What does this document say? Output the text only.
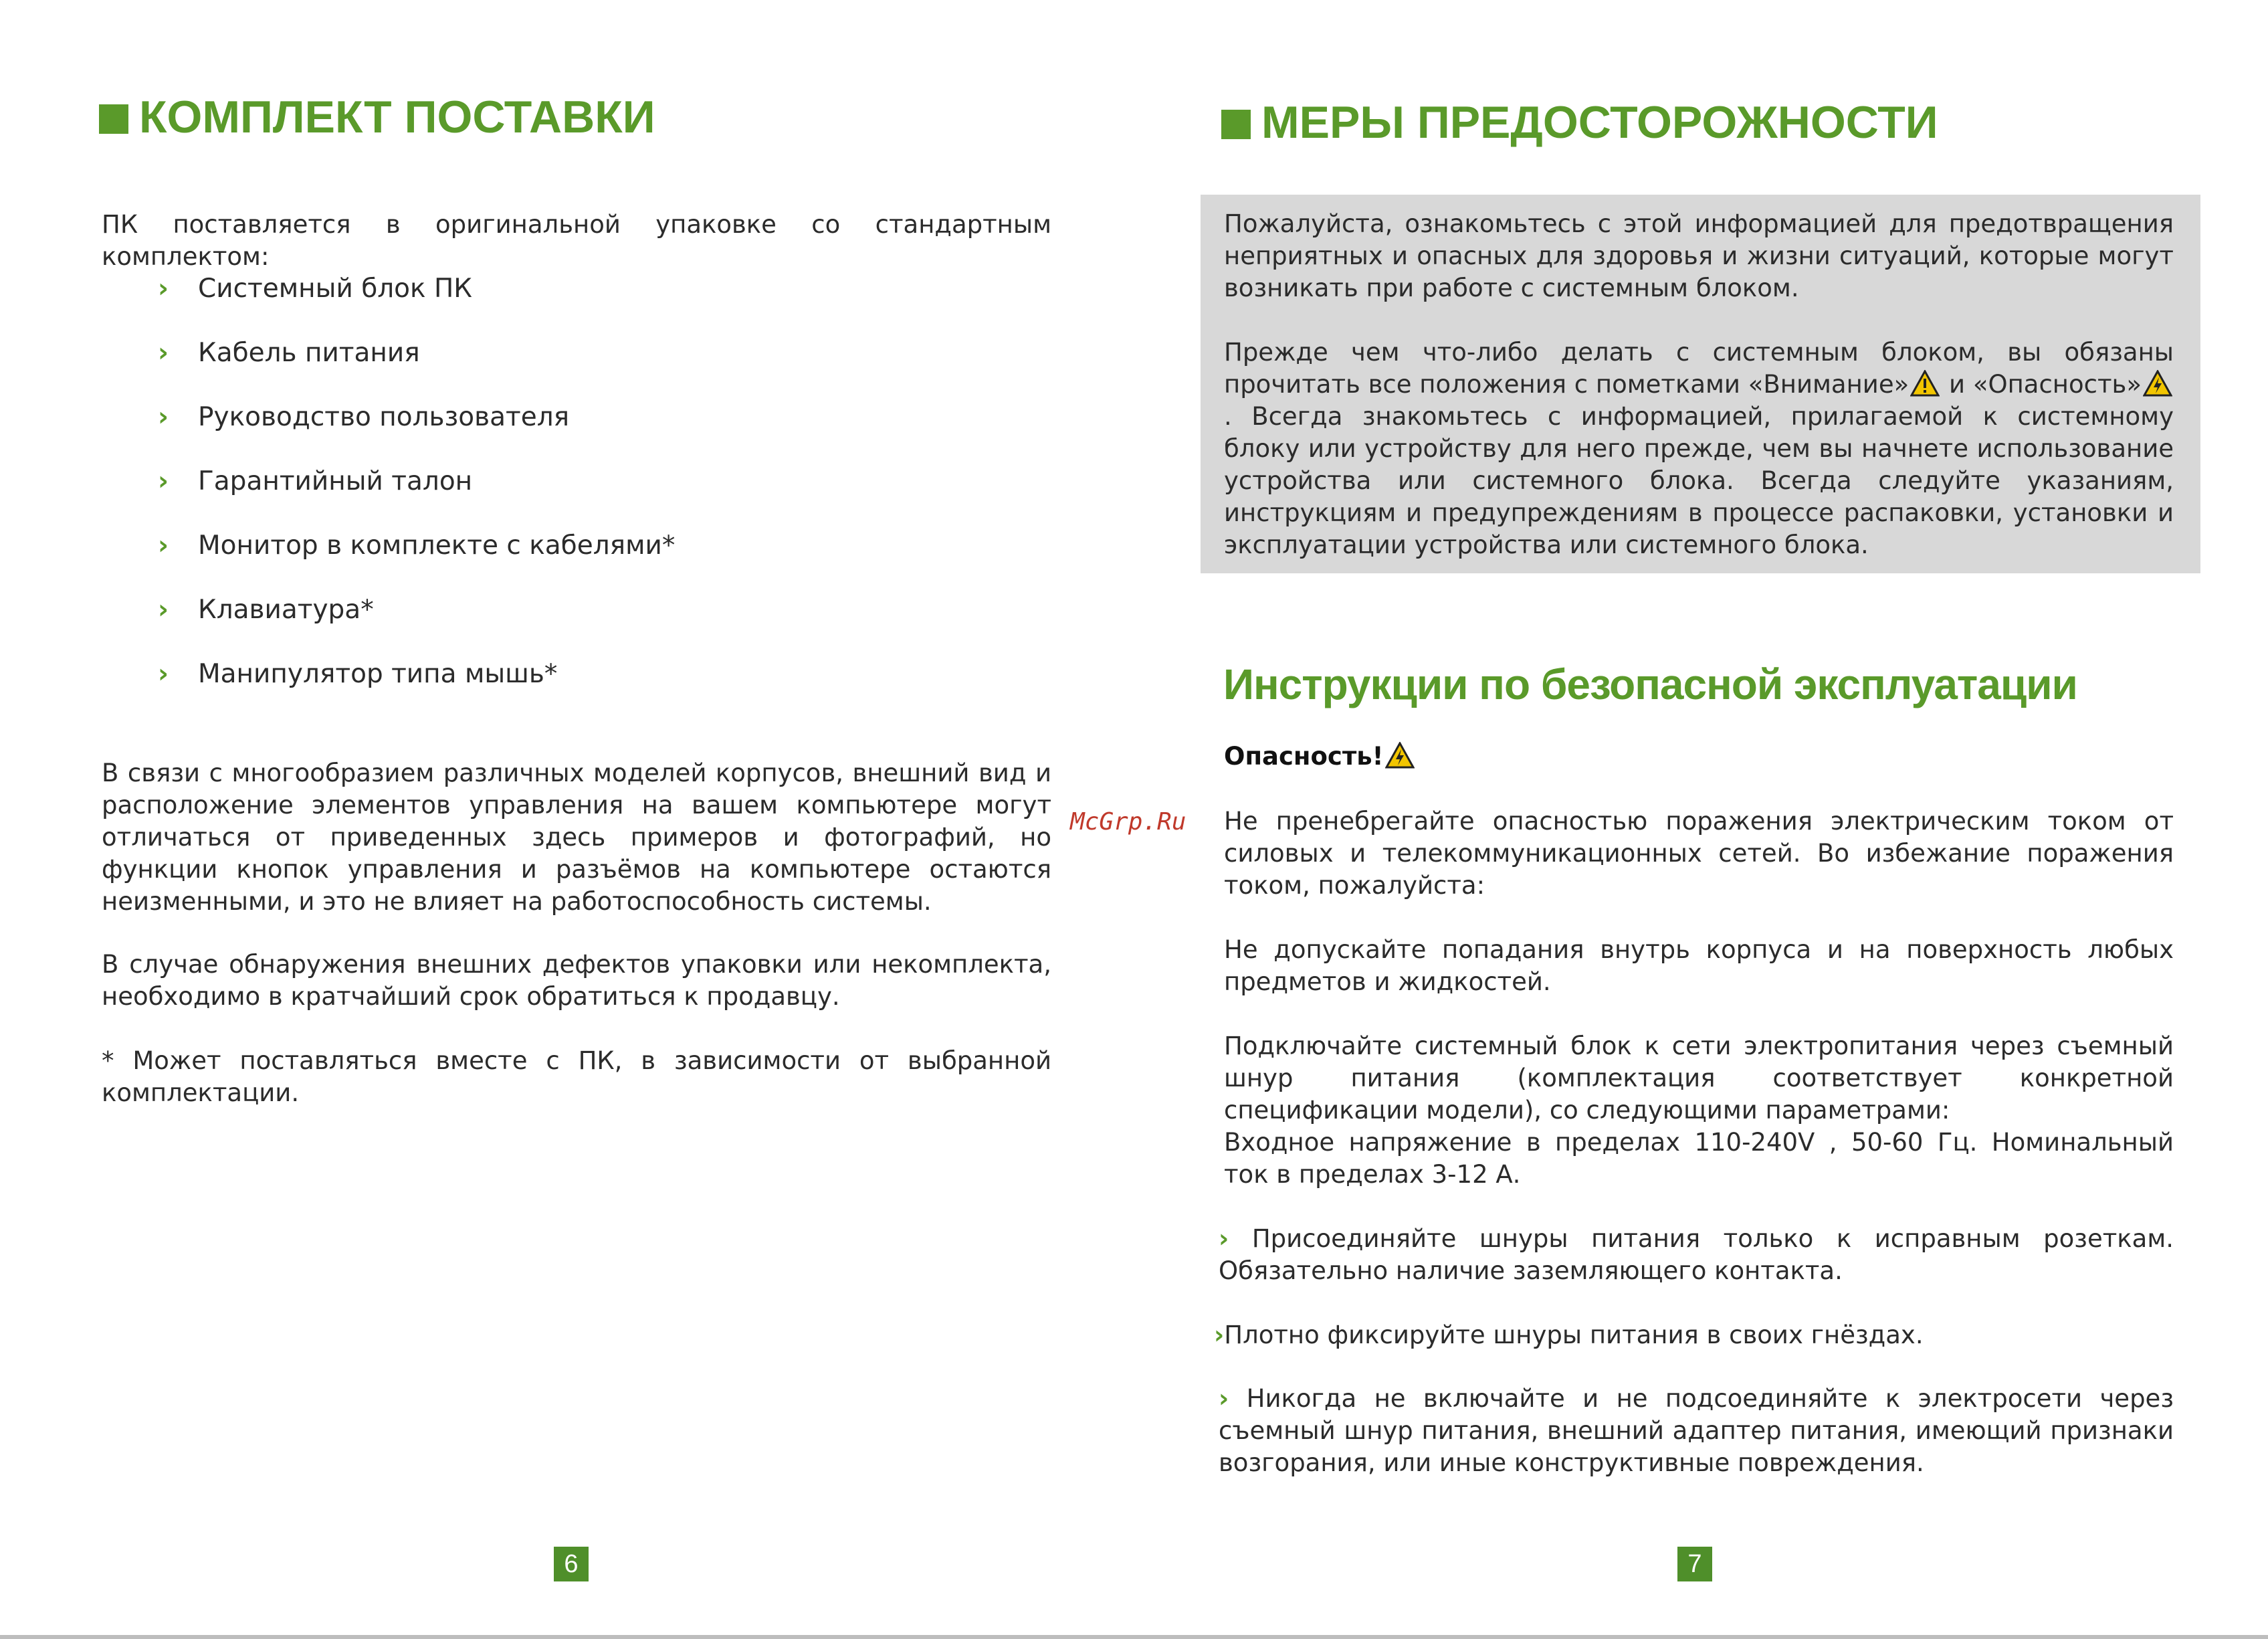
КОМПЛЕКТ ПОСТАВКИ

ПК поставляется в оригинальной упаковке со стандартным комплектом:

› Системный блок ПК
› Кабель питания
› Руководство пользователя
› Гарантийный талон
› Монитор в комплекте с кабелями*
› Клавиатура*
› Манипулятор типа мышь*

В связи с многообразием различных моделей корпусов, внешний вид и расположение элементов управления на вашем компьютере могут отличаться от приведенных здесь примеров и фотографий, но функции кнопок управления и разъёмов на компьютере остаются неизменными, и это не влияет на работоспособность системы.

В случае обнаружения внешних дефектов упаковки или некомплекта, необходимо в кратчайший срок обратиться к продавцу.

* Может поставляться вместе с ПК, в зависимости от выбранной комплектации.

6
МЕРЫ ПРЕДОСТОРОЖНОСТИ

Пожалуйста, ознакомьтесь с этой информацией для предотвращения неприятных и опасных для здоровья и жизни ситуаций, которые могут возникать при работе с системным блоком.

Прежде чем что-либо делать с системным блоком, вы обязаны прочитать все положения с пометками «Внимание» и «Опасность». Всегда знакомьтесь с информацией, прилагаемой к системному блоку или устройству для него прежде, чем вы начнете использование устройства или системного блока. Всегда следуйте указаниям, инструкциям и предупреждениям в процессе распаковки, установки и эксплуатации устройства или системного блока.

Инструкции по безопасной эксплуатации

Опасность!

Не пренебрегайте опасностью поражения электрическим током от силовых и телекоммуникационных сетей. Во избежание поражения током, пожалуйста:

Не допускайте попадания внутрь корпуса и на поверхность любых предметов и жидкостей.

Подключайте системный блок к сети электропитания через съемный шнур питания (комплектация соответствует конкретной спецификации модели), со следующими параметрами:

Входное напряжение в пределах 110-240V , 50-60 Гц. Номинальный ток в пределах 3-12 А.

› Присоединяйте шнуры питания только к исправным розеткам. Обязательно наличие заземляющего контакта.

›Плотно фиксируйте шнуры питания в своих гнёздах.

› Никогда не включайте и не подсоединяйте к электросети через съемный шнур питания, внешний адаптер питания, имеющий признаки возгорания, или иные конструктивные повреждения.

7
McGrp.Ru
